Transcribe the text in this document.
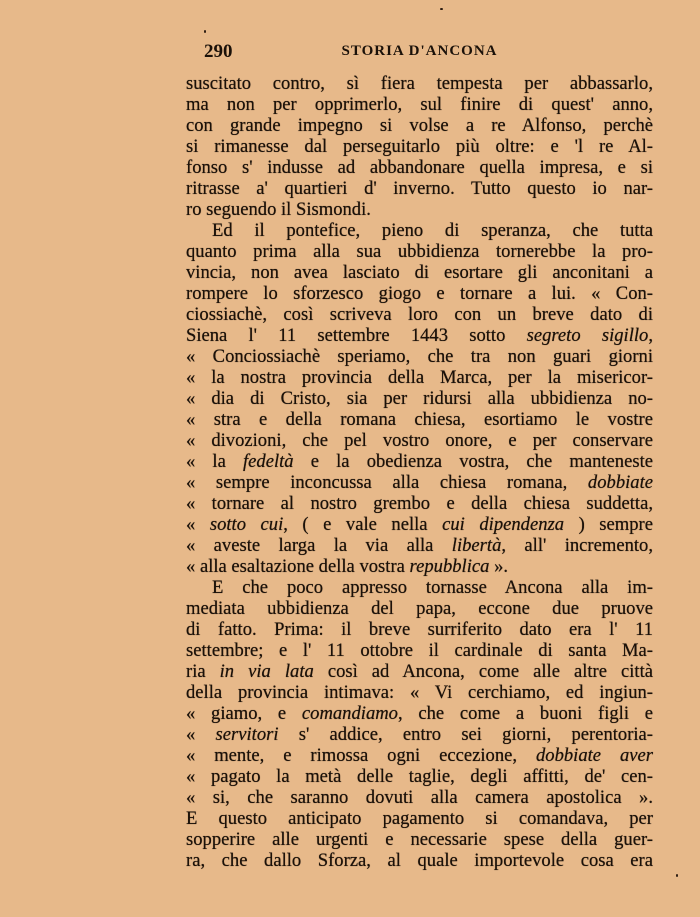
290	STORIA D'ANCONA
suscitato contro, sì fiera tempesta per abbassarlo,
ma non per opprimerlo, sul finire di quest' anno,
con grande impegno si volse a re Alfonso, perchè
si rimanesse dal perseguitarlo più oltre: e 'l re Al-
fonso s' indusse ad abbandonare quella impresa, e si
ritrasse a' quartieri d' inverno. Tutto questo io nar-
ro seguendo il Sismondi.
Ed il pontefice, pieno di speranza, che tutta
quanto prima alla sua ubbidienza tornerebbe la pro-
vincia, non avea lasciato di esortare gli anconitani a
rompere lo sforzesco giogo e tornare a lui. « Con-
ciossiachè, così scriveva loro con un breve dato di
Siena l' 11 settembre 1443 sotto segreto sigillo,
« Conciossiachè speriamo, che tra non guari giorni
« la nostra provincia della Marca, per la misericor-
« dia di Cristo, sia per ridursi alla ubbidienza no-
« stra e della romana chiesa, esortiamo le vostre
« divozioni, che pel vostro onore, e per conservare
« la fedeltà e la obedienza vostra, che manteneste
« sempre inconcussa alla chiesa romana, dobbiate
« tornare al nostro grembo e della chiesa suddetta,
« sotto cui, ( e vale nella cui dipendenza ) sempre
« aveste larga la via alla libertà, all' incremento,
« alla esaltazione della vostra repubblica ».
E che poco appresso tornasse Ancona alla im-
mediata ubbidienza del papa, eccone due pruove
di fatto. Prima: il breve surriferito dato era l' 11
settembre; e l' 11 ottobre il cardinale di santa Ma-
ria in via lata così ad Ancona, come alle altre città
della provincia intimava: « Vi cerchiamo, ed ingiun-
« giamo, e comandiamo, che come a buoni figli e
« servitori s' addice, entro sei giorni, perentoria-
« mente, e rimossa ogni eccezione, dobbiate aver
« pagato la metà delle taglie, degli affitti, de' cen-
« si, che saranno dovuti alla camera apostolica ».
E questo anticipato pagamento si comandava, per
sopperire alle urgenti e necessarie spese della guer-
ra, che dallo Sforza, al quale importevole cosa era
